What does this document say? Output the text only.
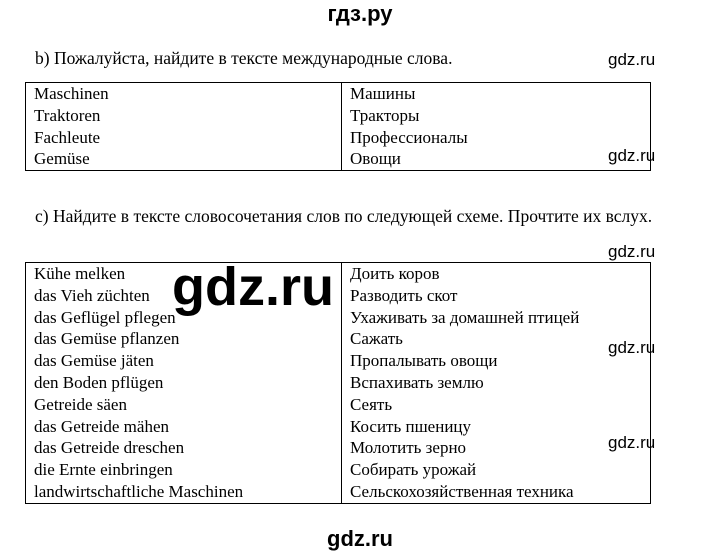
гдз.ру
b) Пожалуйста, найдите в тексте международные слова.
Maschinen	Машины
Traktoren	Тракторы
Fachleute	Профессионалы
Gemüse	Овощи
c) Найдите в тексте словосочетания слов по следующей схеме. Прочтите их вслух.
Kühe melken	Доить коров
das Vieh züchten	Разводить скот
das Geflügel pflegen	Ухаживать за домашней птицей
das Gemüse pflanzen	Сажать
das Gemüse jäten	Пропалывать овощи
den Boden pflügen	Вспахивать землю
Getreide säen	Сеять
das Getreide mähen	Косить пшеницу
das Getreide dreschen	Молотить зерно
die Ernte einbringen	Собирать урожай
landwirtschaftliche Maschinen	Сельскохозяйственная техника
gdz.ru
gdz.ru
gdz.ru
gdz.ru
gdz.ru
gdz.ru
gdz.ru
